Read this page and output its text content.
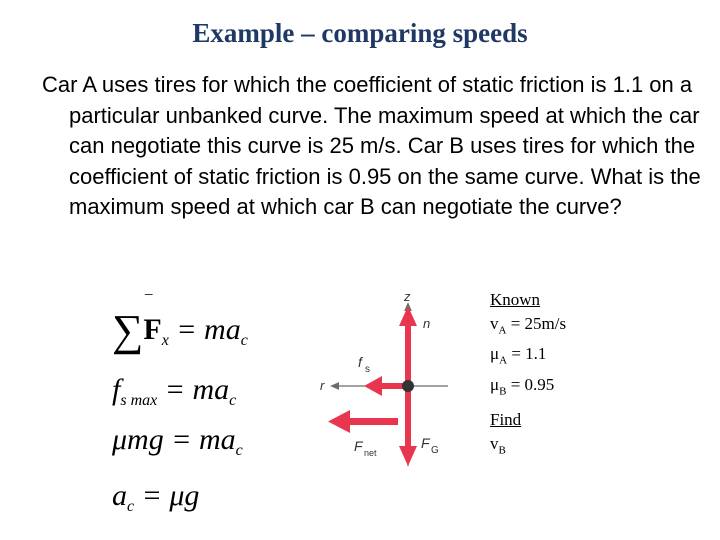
Example – comparing speeds
Car A uses tires for which the coefficient of static friction is 1.1 on a particular unbanked curve. The maximum speed at which the car can negotiate this curve is 25 m/s. Car B uses tires for which the coefficient of static friction is 0.95 on the same curve. What is the maximum speed at which car B can negotiate the curve?
∑‾ $F_x = ma_c$
$f_{s max} = ma_c$
$\mu mg = ma_c$
$a_c = \mu g$
z
r
n
f s
F G
F net
Known
$v_A = 25m/s$
$\mu_A = 1.1$
$\mu_B = 0.95$
Find
$v_B$
